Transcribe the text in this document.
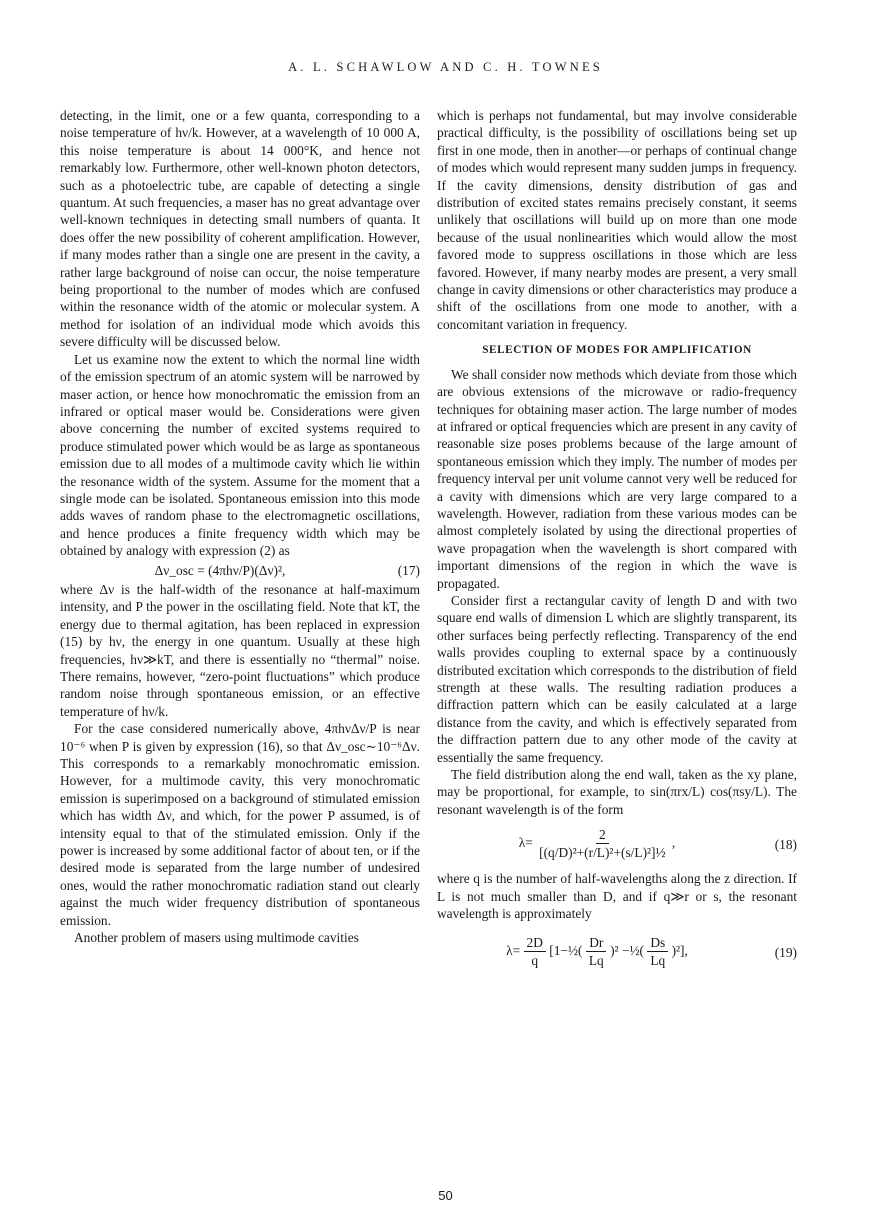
A. L. SCHAWLOW AND C. H. TOWNES

detecting, in the limit, one or a few quanta, corresponding to a noise temperature of hν/k. However, at a wavelength of 10 000 A, this noise temperature is about 14 000°K, and hence not remarkably low. Furthermore, other well-known photon detectors, such as a photoelectric tube, are capable of detecting a single quantum. At such frequencies, a maser has no great advantage over well-known techniques in detecting small numbers of quanta. It does offer the new possibility of coherent amplification. However, if many modes rather than a single one are present in the cavity, a rather large background of noise can occur, the noise temperature being proportional to the number of modes which are confused within the resonance width of the atomic or molecular system. A method for isolation of an individual mode which avoids this severe difficulty will be discussed below.

Let us examine now the extent to which the normal line width of the emission spectrum of an atomic system will be narrowed by maser action, or hence how monochromatic the emission from an infrared or optical maser would be. Considerations were given above concerning the number of excited systems required to produce stimulated power which would be as large as spontaneous emission due to all modes of a multimode cavity which lie within the resonance width of the system. Assume for the moment that a single mode can be isolated. Spontaneous emission into this mode adds waves of random phase to the electromagnetic oscillations, and hence produces a finite frequency width which may be obtained by analogy with expression (2) as

Δν_osc = (4πhν/P)(Δν)²,	(17)

where Δν is the half-width of the resonance at half-maximum intensity, and P the power in the oscillating field. Note that kT, the energy due to thermal agitation, has been replaced in expression (15) by hν, the energy in one quantum. Usually at these high frequencies, hν≫kT, and there is essentially no “thermal” noise. There remains, however, “zero-point fluctuations” which produce random noise through spontaneous emission, or an effective temperature of hν/k.

For the case considered numerically above, 4πhνΔν/P is near 10⁻⁶ when P is given by expression (16), so that Δν_osc∼10⁻⁶Δν. This corresponds to a remarkably monochromatic emission. However, for a multimode cavity, this very monochromatic emission is superimposed on a background of stimulated emission which has width Δν, and which, for the power P assumed, is of intensity equal to that of the stimulated emission. Only if the power is increased by some additional factor of about ten, or if the desired mode is separated from the large number of undesired ones, would the rather monochromatic radiation stand out clearly against the much wider frequency distribution of spontaneous emission.

Another problem of masers using multimode cavities

which is perhaps not fundamental, but may involve considerable practical difficulty, is the possibility of oscillations being set up first in one mode, then in another—or perhaps of continual change of modes which would represent many sudden jumps in frequency. If the cavity dimensions, density distribution of gas and distribution of excited states remains precisely constant, it seems unlikely that oscillations will build up on more than one mode because of the usual nonlinearities which would allow the most favored mode to suppress oscillations in those which are less favored. However, if many nearby modes are present, a very small change in cavity dimensions or other characteristics may produce a shift of the oscillations from one mode to another, with a concomitant variation in frequency.

SELECTION OF MODES FOR AMPLIFICATION

We shall consider now methods which deviate from those which are obvious extensions of the microwave or radio-frequency techniques for obtaining maser action. The large number of modes at infrared or optical frequencies which are present in any cavity of reasonable size poses problems because of the large amount of spontaneous emission which they imply. The number of modes per frequency interval per unit volume cannot very well be reduced for a cavity with dimensions which are very large compared to a wavelength. However, radiation from these various modes can be almost completely isolated by using the directional properties of wave propagation when the wavelength is short compared with important dimensions of the region in which the wave is propagated.

Consider first a rectangular cavity of length D and with two square end walls of dimension L which are slightly transparent, its other surfaces being perfectly reflecting. Transparency of the end walls provides coupling to external space by a continuously distributed excitation which corresponds to the distribution of field strength at these walls. The resulting radiation produces a diffraction pattern which can be easily calculated at a large distance from the cavity, and which is effectively separated from the diffraction pattern due to any other mode of the cavity at essentially the same frequency.

The field distribution along the end wall, taken as the xy plane, may be proportional, for example, to sin(πrx/L) cos(πsy/L). The resonant wavelength is of the form

$\lambda= \frac{2}{\text{[(q/D)²+(r/L)²+(s/L)²]½}}$ ,	(18)

where q is the number of half-wavelengths along the z direction. If L is not much smaller than D, and if q≫r or s, the resonant wavelength is approximately

$\lambda= \frac{2D}{q}$ [1−½( $\frac{Dr}{Lq} )^2$ −½( $\frac{Ds}{Lq} )^2$],	(19)
50
